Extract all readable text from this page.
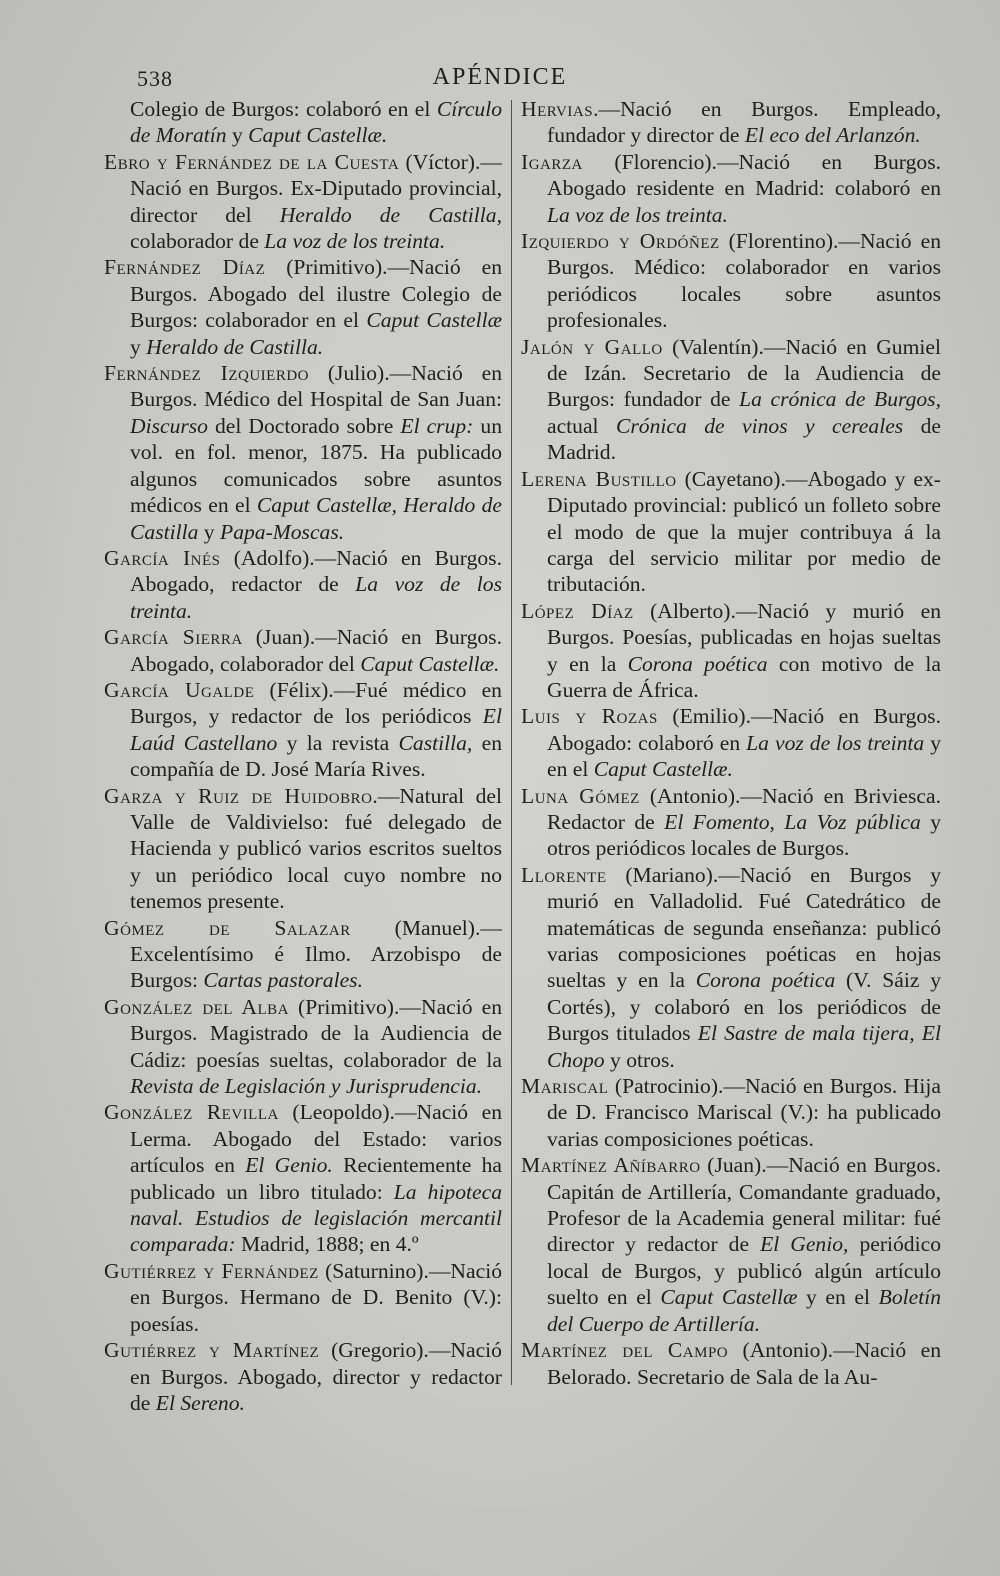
538	APÉNDICE

Colegio de Burgos: colaboró en el Círculo de Moratín y Caput Castellæ.

Ebro y Fernández de la Cuesta (Víctor).—Nació en Burgos. Ex-Diputado provincial, director del Heraldo de Castilla, colaborador de La voz de los treinta.

Fernández Díaz (Primitivo).—Nació en Burgos. Abogado del ilustre Colegio de Burgos: colaborador en el Caput Castellæ y Heraldo de Castilla.

Fernández Izquierdo (Julio).—Nació en Burgos. Médico del Hospital de San Juan: Discurso del Doctorado sobre El crup: un vol. en fol. menor, 1875. Ha publicado algunos comunicados sobre asuntos médicos en el Caput Castellæ, Heraldo de Castilla y Papa-Moscas.

García Inés (Adolfo).—Nació en Burgos. Abogado, redactor de La voz de los treinta.

García Sierra (Juan).—Nació en Burgos. Abogado, colaborador del Caput Castellæ.

García Ugalde (Félix).—Fué médico en Burgos, y redactor de los periódicos El Laúd Castellano y la revista Castilla, en compañía de D. José María Rives.

Garza y Ruiz de Huidobro.—Natural del Valle de Valdivielso: fué delegado de Hacienda y publicó varios escritos sueltos y un periódico local cuyo nombre no tenemos presente.

Gómez de Salazar (Manuel).—Excelentísimo é Ilmo. Arzobispo de Burgos: Cartas pastorales.

González del Alba (Primitivo).—Nació en Burgos. Magistrado de la Audiencia de Cádiz: poesías sueltas, colaborador de la Revista de Legislación y Jurisprudencia.

González Revilla (Leopoldo).—Nació en Lerma. Abogado del Estado: varios artículos en El Genio. Recientemente ha publicado un libro titulado: La hipoteca naval. Estudios de legislación mercantil comparada: Madrid, 1888; en 4.º

Gutiérrez y Fernández (Saturnino).—Nació en Burgos. Hermano de D. Benito (V.): poesías.

Gutiérrez y Martínez (Gregorio).—Nació en Burgos. Abogado, director y redactor de El Sereno.

Hervias.—Nació en Burgos. Empleado, fundador y director de El eco del Arlanzón.

Igarza (Florencio).—Nació en Burgos. Abogado residente en Madrid: colaboró en La voz de los treinta.

Izquierdo y Ordóñez (Florentino).—Nació en Burgos. Médico: colaborador en varios periódicos locales sobre asuntos profesionales.

Jalón y Gallo (Valentín).—Nació en Gumiel de Izán. Secretario de la Audiencia de Burgos: fundador de La crónica de Burgos, actual Crónica de vinos y cereales de Madrid.

Lerena Bustillo (Cayetano).—Abogado y ex-Diputado provincial: publicó un folleto sobre el modo de que la mujer contribuya á la carga del servicio militar por medio de tributación.

López Díaz (Alberto).—Nació y murió en Burgos. Poesías, publicadas en hojas sueltas y en la Corona poética con motivo de la Guerra de África.

Luis y Rozas (Emilio).—Nació en Burgos. Abogado: colaboró en La voz de los treinta y en el Caput Castellæ.

Luna Gómez (Antonio).—Nació en Briviesca. Redactor de El Fomento, La Voz pública y otros periódicos locales de Burgos.

Llorente (Mariano).—Nació en Burgos y murió en Valladolid. Fué Catedrático de matemáticas de segunda enseñanza: publicó varias composiciones poéticas en hojas sueltas y en la Corona poética (V. Sáiz y Cortés), y colaboró en los periódicos de Burgos titulados El Sastre de mala tijera, El Chopo y otros.

Mariscal (Patrocinio).—Nació en Burgos. Hija de D. Francisco Mariscal (V.): ha publicado varias composiciones poéticas.

Martínez Añíbarro (Juan).—Nació en Burgos. Capitán de Artillería, Comandante graduado, Profesor de la Academia general militar: fué director y redactor de El Genio, periódico local de Burgos, y publicó algún artículo suelto en el Caput Castellæ y en el Boletín del Cuerpo de Artillería.

Martínez del Campo (Antonio).—Nació en Belorado. Secretario de Sala de la Au-
